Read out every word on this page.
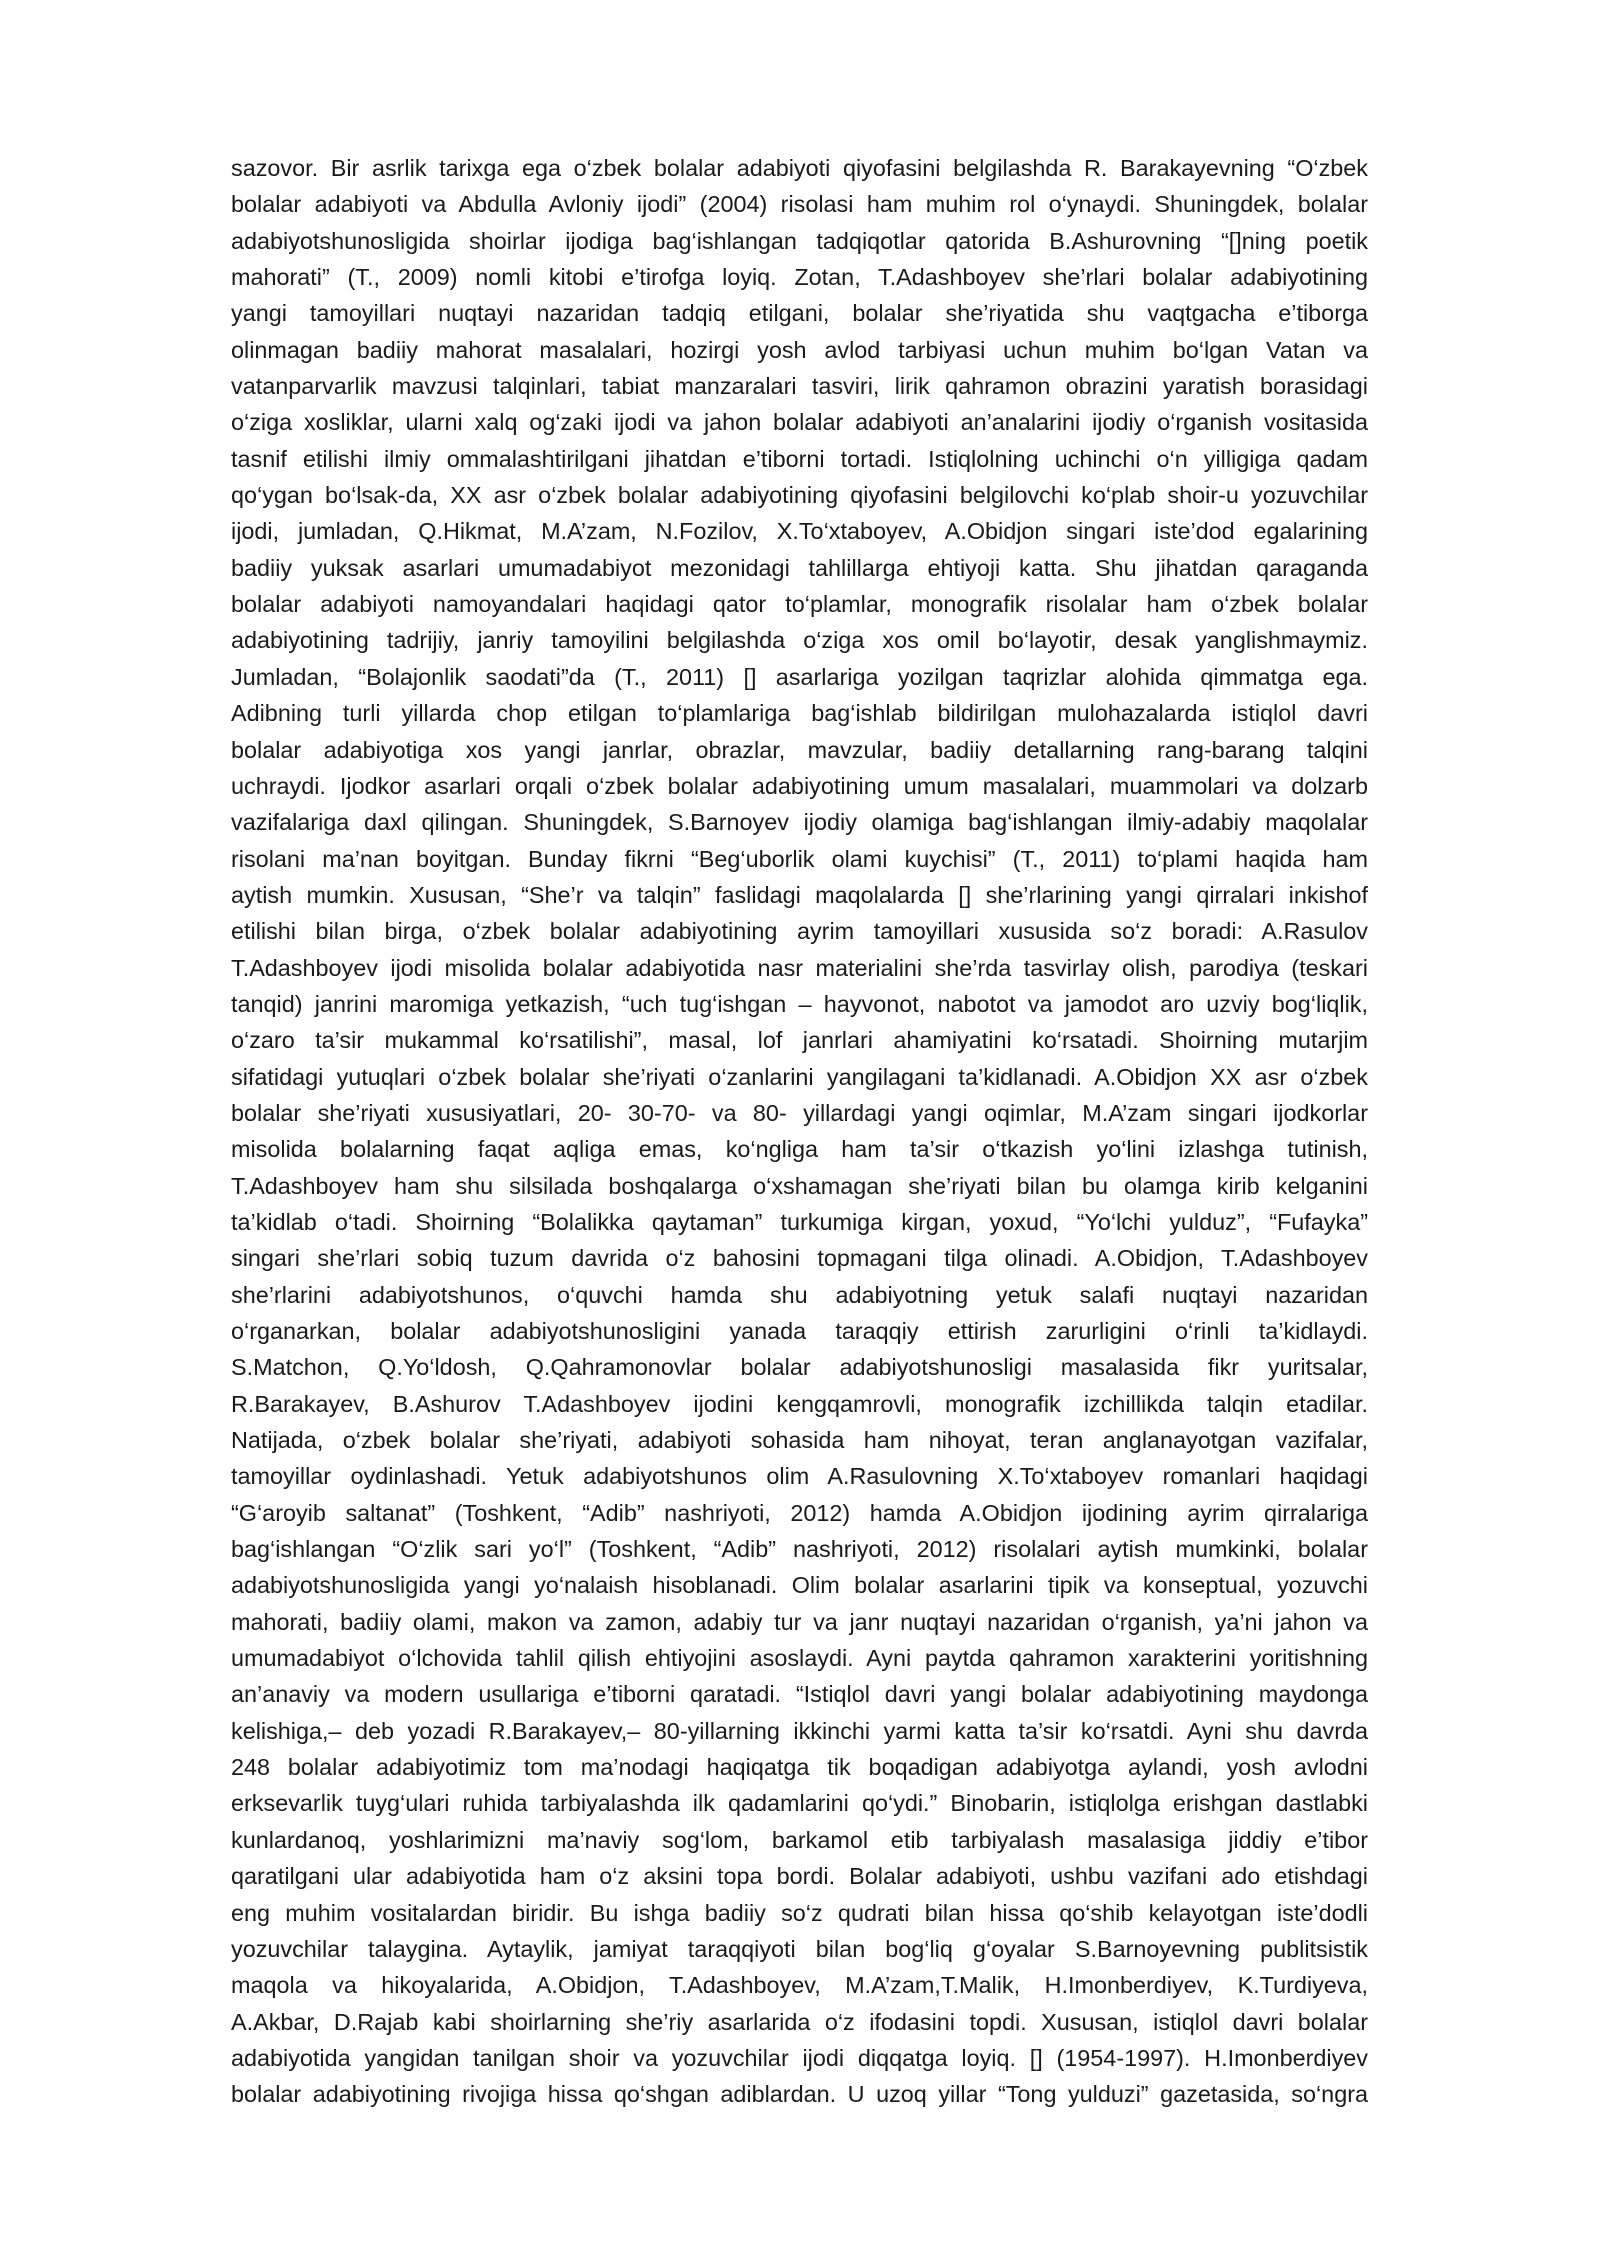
sazovor. Bir asrlik tarixga ega o‘zbek bolalar adabiyoti qiyofasini belgilashda R. Barakayevning “O‘zbek
bolalar adabiyoti va Abdulla Avloniy ijodi” (2004) risolasi ham muhim rol o‘ynaydi. Shuningdek, bolalar
adabiyotshunosligida shoirlar ijodiga bag‘ishlangan tadqiqotlar qatorida B.Ashurovning “[]ning poetik
mahorati” (T., 2009) nomli kitobi e’tirofga loyiq. Zotan, T.Adashboyev she’rlari bolalar adabiyotining
yangi tamoyillari nuqtayi nazaridan tadqiq etilgani, bolalar she’riyatida shu vaqtgacha e’tiborga
olinmagan badiiy mahorat masalalari, hozirgi yosh avlod tarbiyasi uchun muhim bo‘lgan Vatan va
vatanparvarlik mavzusi talqinlari, tabiat manzaralari tasviri, lirik qahramon obrazini yaratish borasidagi
o‘ziga xosliklar, ularni xalq og‘zaki ijodi va jahon bolalar adabiyoti an’analarini ijodiy o‘rganish vositasida
tasnif etilishi ilmiy ommalashtirilgani jihatdan e’tiborni tortadi. Istiqlolning uchinchi o‘n yilligiga qadam
qo‘ygan bo‘lsak-da, XX asr o‘zbek bolalar adabiyotining qiyofasini belgilovchi ko‘plab shoir-u yozuvchilar
ijodi, jumladan, Q.Hikmat, M.A’zam, N.Fozilov, X.To‘xtaboyev, A.Obidjon singari iste’dod egalarining
badiiy yuksak asarlari umumadabiyot mezonidagi tahlillarga ehtiyoji katta. Shu jihatdan qaraganda
bolalar adabiyoti namoyandalari haqidagi qator to‘plamlar, monografik risolalar ham o‘zbek bolalar
adabiyotining tadrijiy, janriy tamoyilini belgilashda o‘ziga xos omil bo‘layotir, desak yanglishmaymiz.
Jumladan, “Bolajonlik saodati”da (T., 2011) [] asarlariga yozilgan taqrizlar alohida qimmatga ega.
Adibning turli yillarda chop etilgan to‘plamlariga bag‘ishlab bildirilgan mulohazalarda istiqlol davri
bolalar adabiyotiga xos yangi janrlar, obrazlar, mavzular, badiiy detallarning rang-barang talqini
uchraydi. Ijodkor asarlari orqali o‘zbek bolalar adabiyotining umum masalalari, muammolari va dolzarb
vazifalariga daxl qilingan. Shuningdek, S.Barnoyev ijodiy olamiga bag‘ishlangan ilmiy-adabiy maqolalar
risolani ma’nan boyitgan. Bunday fikrni “Beg‘uborlik olami kuychisi” (T., 2011) to‘plami haqida ham
aytish mumkin. Xususan, “She’r va talqin” faslidagi maqolalarda [] she’rlarining yangi qirralari inkishof
etilishi bilan birga, o‘zbek bolalar adabiyotining ayrim tamoyillari xususida so‘z boradi: A.Rasulov
T.Adashboyev ijodi misolida bolalar adabiyotida nasr materialini she’rda tasvirlay olish, parodiya (teskari
tanqid) janrini maromiga yetkazish, “uch tug‘ishgan – hayvonot, nabotot va jamodot aro uzviy bog‘liqlik,
o‘zaro ta’sir mukammal ko‘rsatilishi”, masal, lof janrlari ahamiyatini ko‘rsatadi. Shoirning mutarjim
sifatidagi yutuqlari o‘zbek bolalar she’riyati o‘zanlarini yangilagani ta’kidlanadi. A.Obidjon XX asr o‘zbek
bolalar she’riyati xususiyatlari, 20- 30-70- va 80- yillardagi yangi oqimlar, M.A’zam singari ijodkorlar
misolida bolalarning faqat aqliga emas, ko‘ngliga ham ta’sir o‘tkazish yo‘lini izlashga tutinish,
T.Adashboyev ham shu silsilada boshqalarga o‘xshamagan she’riyati bilan bu olamga kirib kelganini
ta’kidlab o‘tadi. Shoirning “Bolalikka qaytaman” turkumiga kirgan, yoxud, “Yo‘lchi yulduz”, “Fufayka”
singari she’rlari sobiq tuzum davrida o‘z bahosini topmagani tilga olinadi. A.Obidjon, T.Adashboyev
she’rlarini adabiyotshunos, o‘quvchi hamda shu adabiyotning yetuk salafi nuqtayi nazaridan
o‘rganarkan, bolalar adabiyotshunosligini yanada taraqqiy ettirish zarurligini o‘rinli ta’kidlaydi.
S.Matchon, Q.Yo‘ldosh, Q.Qahramonovlar bolalar adabiyotshunosligi masalasida fikr yuritsalar,
R.Barakayev, B.Ashurov T.Adashboyev ijodini kengqamrovli, monografik izchillikda talqin etadilar.
Natijada, o‘zbek bolalar she’riyati, adabiyoti sohasida ham nihoyat, teran anglanayotgan vazifalar,
tamoyillar oydinlashadi. Yetuk adabiyotshunos olim A.Rasulovning X.To‘xtaboyev romanlari haqidagi
“G‘aroyib saltanat” (Toshkent, “Adib” nashriyoti, 2012) hamda A.Obidjon ijodining ayrim qirralariga
bag‘ishlangan “O‘zlik sari yo‘l” (Toshkent, “Adib” nashriyoti, 2012) risolalari aytish mumkinki, bolalar
adabiyotshunosligida yangi yo‘nalaish hisoblanadi. Olim bolalar asarlarini tipik va konseptual, yozuvchi
mahorati, badiiy olami, makon va zamon, adabiy tur va janr nuqtayi nazaridan o‘rganish, ya’ni jahon va
umumadabiyot o‘lchovida tahlil qilish ehtiyojini asoslaydi. Ayni paytda qahramon xarakterini yoritishning
an’anaviy va modern usullariga e’tiborni qaratadi. “Istiqlol davri yangi bolalar adabiyotining maydonga
kelishiga,– deb yozadi R.Barakayev,– 80-yillarning ikkinchi yarmi katta ta’sir ko‘rsatdi. Ayni shu davrda
248 bolalar adabiyotimiz tom ma’nodagi haqiqatga tik boqadigan adabiyotga aylandi, yosh avlodni
erksevarlik tuyg‘ulari ruhida tarbiyalashda ilk qadamlarini qo‘ydi.” Binobarin, istiqlolga erishgan dastlabki
kunlardanoq, yoshlarimizni ma’naviy sog‘lom, barkamol etib tarbiyalash masalasiga jiddiy e’tibor
qaratilgani ular adabiyotida ham o‘z aksini topa bordi. Bolalar adabiyoti, ushbu vazifani ado etishdagi
eng muhim vositalardan biridir. Bu ishga badiiy so‘z qudrati bilan hissa qo‘shib kelayotgan iste’dodli
yozuvchilar talaygina. Aytaylik, jamiyat taraqqiyoti bilan bog‘liq g‘oyalar S.Barnoyevning publitsistik
maqola va hikoyalarida, A.Obidjon, T.Adashboyev, M.A’zam,T.Malik, H.Imonberdiyev, K.Turdiyeva,
A.Akbar, D.Rajab kabi shoirlarning she’riy asarlarida o‘z ifodasini topdi. Xususan, istiqlol davri bolalar
adabiyotida yangidan tanilgan shoir va yozuvchilar ijodi diqqatga loyiq. [] (1954-1997). H.Imonberdiyev
bolalar adabiyotining rivojiga hissa qo‘shgan adiblardan. U uzoq yillar “Tong yulduzi” gazetasida, so‘ngra
